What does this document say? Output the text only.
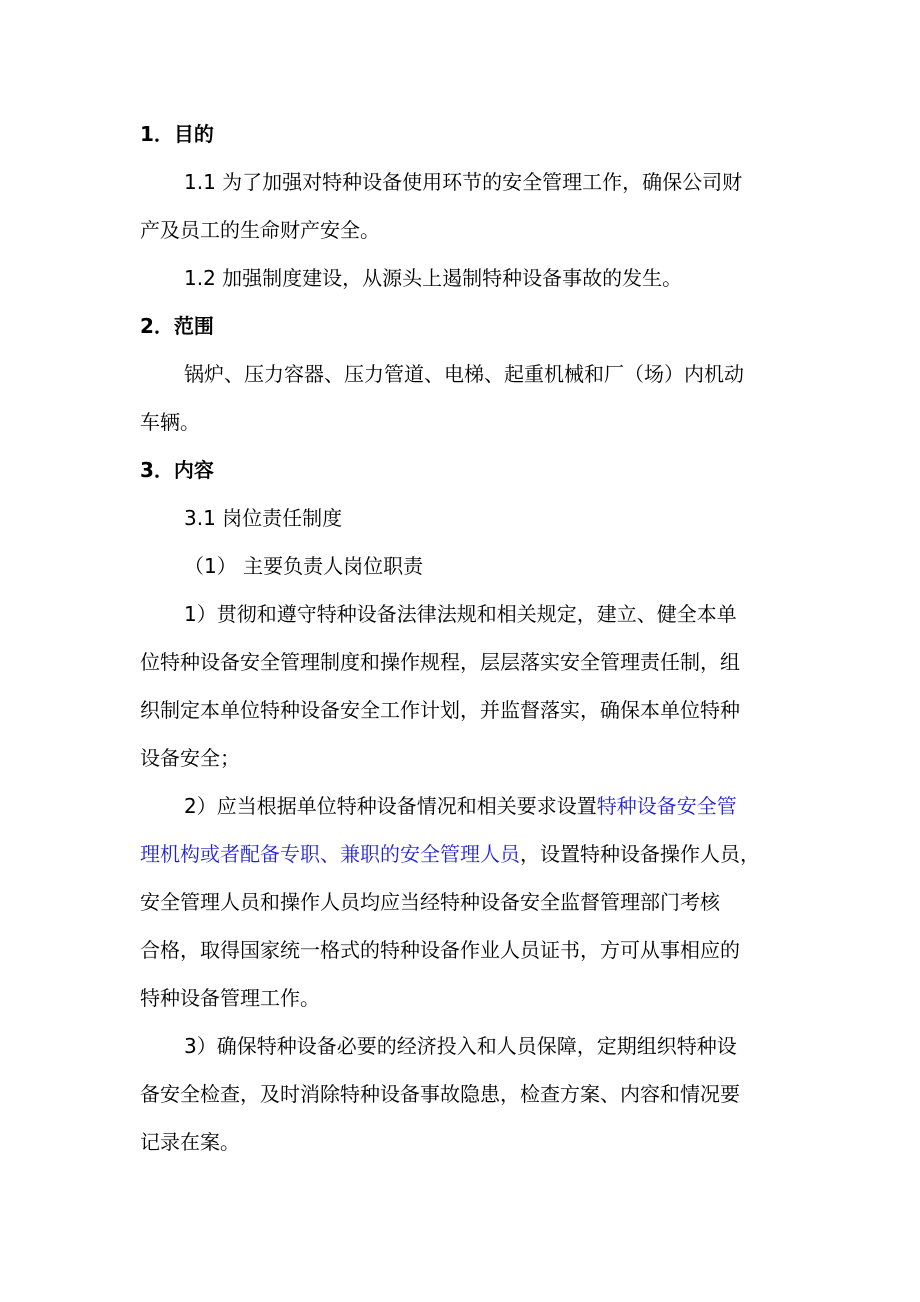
1．目的
1.1 为了加强对特种设备使用环节的安全管理工作，确保公司财
产及员工的生命财产安全。
1.2 加强制度建设，从源头上遏制特种设备事故的发生。
2．范围
锅炉、压力容器、压力管道、电梯、起重机械和厂（场）内机动
车辆。
3．内容
3.1 岗位责任制度
（1） 主要负责人岗位职责
1）贯彻和遵守特种设备法律法规和相关规定，建立、健全本单
位特种设备安全管理制度和操作规程，层层落实安全管理责任制，组
织制定本单位特种设备安全工作计划，并监督落实，确保本单位特种
设备安全；
2）应当根据单位特种设备情况和相关要求设置特种设备安全管
理机构或者配备专职、兼职的安全管理人员，设置特种设备操作人员，
安全管理人员和操作人员均应当经特种设备安全监督管理部门考核
合格，取得国家统一格式的特种设备作业人员证书，方可从事相应的
特种设备管理工作。
3）确保特种设备必要的经济投入和人员保障，定期组织特种设
备安全检查，及时消除特种设备事故隐患，检查方案、内容和情况要
记录在案。
